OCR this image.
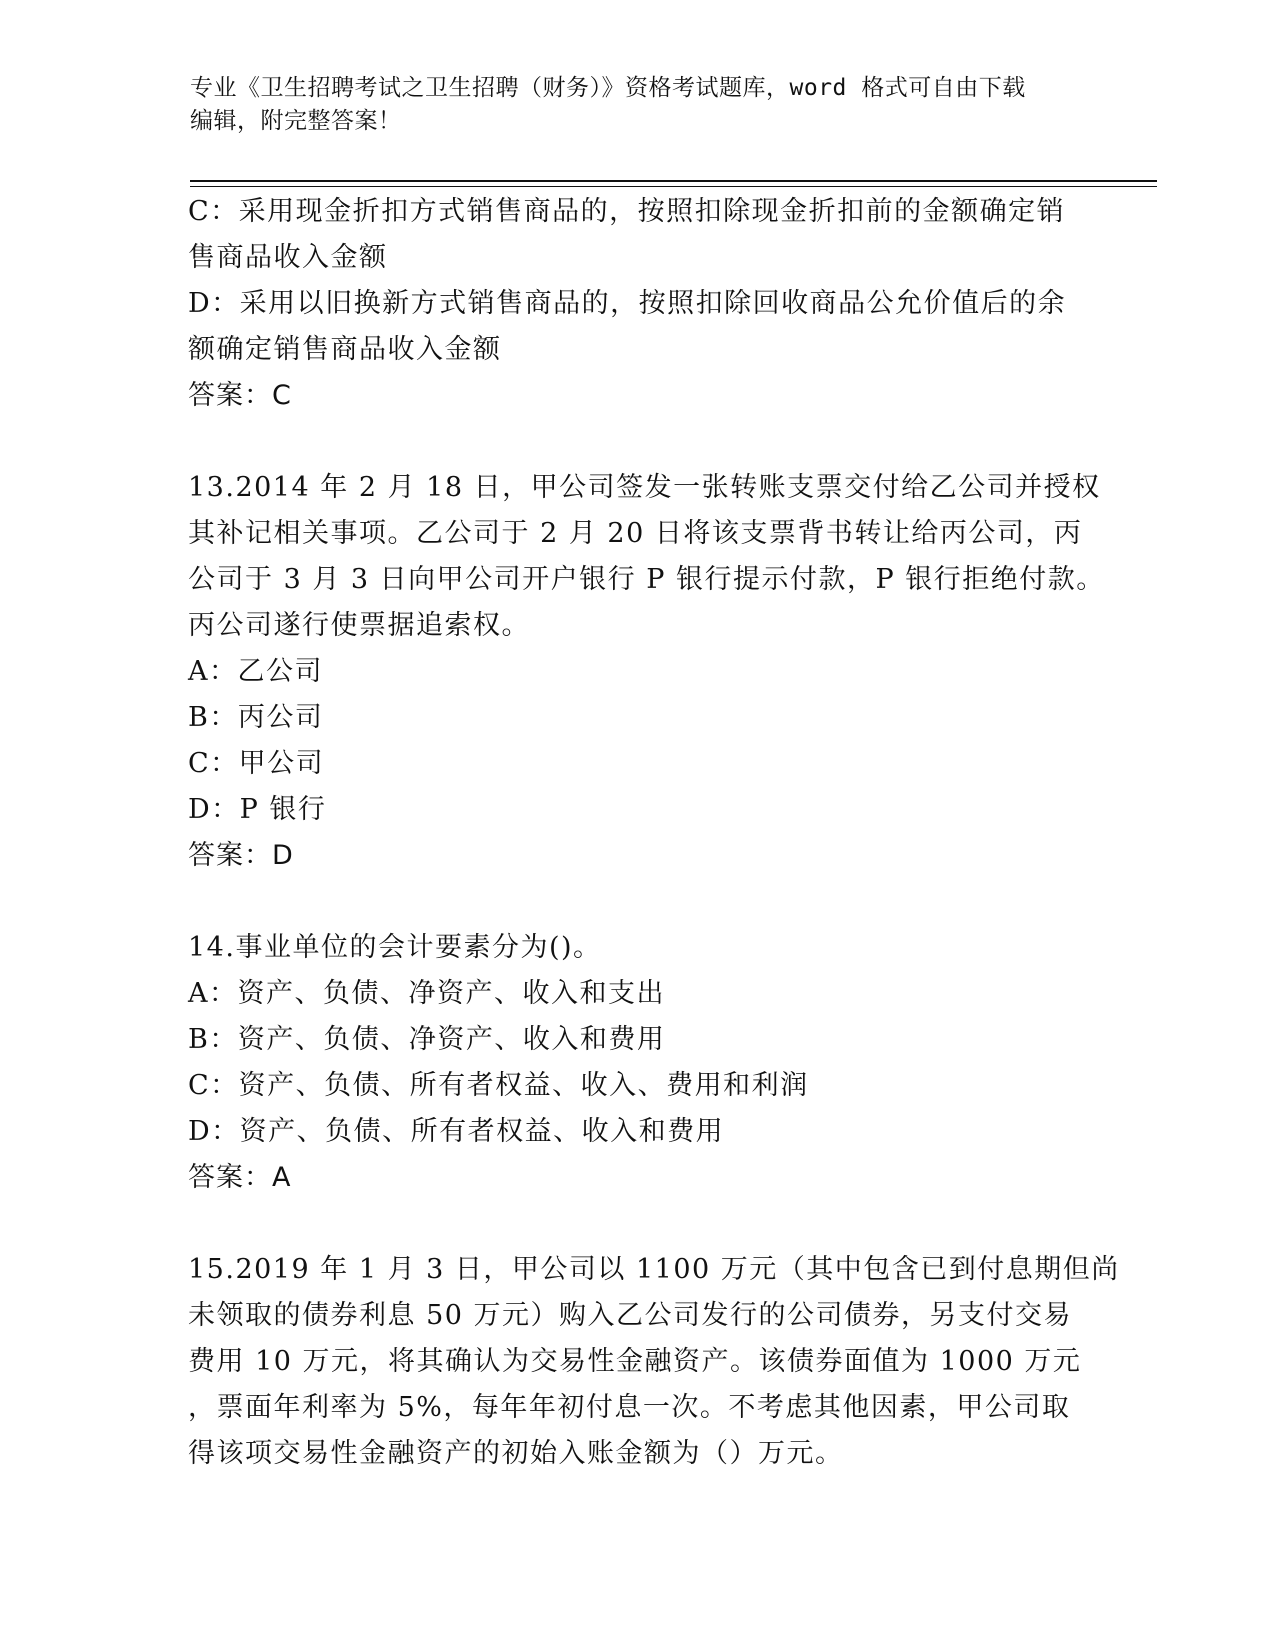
专业《卫生招聘考试之卫生招聘（财务）》资格考试题库，word 格式可自由下载
编辑，附完整答案！
C：采用现金折扣方式销售商品的，按照扣除现金折扣前的金额确定销
售商品收入金额
D：采用以旧换新方式销售商品的，按照扣除回收商品公允价值后的余
额确定销售商品收入金额
答案：C
13.2014 年 2 月 18 日，甲公司签发一张转账支票交付给乙公司并授权
其补记相关事项。乙公司于 2 月 20 日将该支票背书转让给丙公司，丙
公司于 3 月 3 日向甲公司开户银行 P 银行提示付款，P 银行拒绝付款。
丙公司遂行使票据追索权。
A：乙公司
B：丙公司
C：甲公司
D：P 银行
答案：D
14.事业单位的会计要素分为()。
A：资产、负债、净资产、收入和支出
B：资产、负债、净资产、收入和费用
C：资产、负债、所有者权益、收入、费用和利润
D：资产、负债、所有者权益、收入和费用
答案：A
15.2019 年 1 月 3 日，甲公司以 1100 万元（其中包含已到付息期但尚
未领取的债券利息 50 万元）购入乙公司发行的公司债券，另支付交易
费用 10 万元，将其确认为交易性金融资产。该债券面值为 1000 万元
，票面年利率为 5%，每年年初付息一次。不考虑其他因素，甲公司取
得该项交易性金融资产的初始入账金额为（）万元。
